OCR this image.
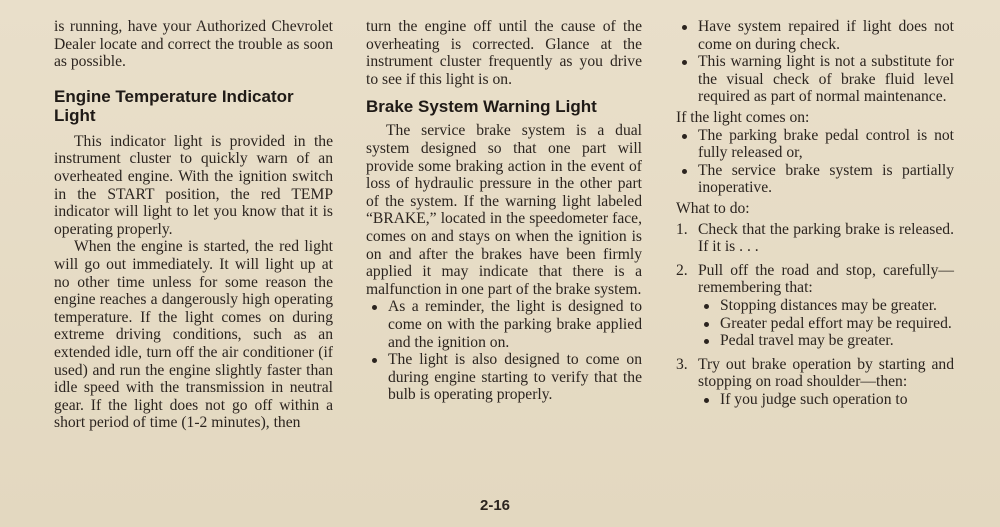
is running, have your Authorized Chevrolet Dealer locate and correct the trouble as soon as possible.

Engine Temperature Indicator Light

This indicator light is provided in the instrument cluster to quickly warn of an overheated engine. With the ignition switch in the START position, the red TEMP indicator will light to let you know that it is operating properly.

When the engine is started, the red light will go out immediately. It will light up at no other time unless for some reason the engine reaches a dangerously high operating temperature. If the light comes on during extreme driving conditions, such as an extended idle, turn off the air conditioner (if used) and run the engine slightly faster than idle speed with the transmission in neutral gear. If the light does not go off within a short period of time (1-2 minutes), then

turn the engine off until the cause of the overheating is corrected. Glance at the instrument cluster frequently as you drive to see if this light is on.

Brake System Warning Light

The service brake system is a dual system designed so that one part will provide some braking action in the event of loss of hydraulic pressure in the other part of the system. If the warning light labeled “BRAKE,” located in the speedometer face, comes on and stays on when the ignition is on and after the brakes have been firmly applied it may indicate that there is a malfunction in one part of the brake system.

As a reminder, the light is designed to come on with the parking brake applied and the ignition on.
The light is also designed to come on during engine starting to verify that the bulb is operating properly.
Have system repaired if light does not come on during check.
This warning light is not a substitute for the visual check of brake fluid level required as part of normal maintenance.

If the light comes on:

The parking brake pedal control is not fully released or,
The service brake system is partially inoperative.

What to do:

1. Check that the parking brake is released. If it is . . .

2. Pull off the road and stop, carefully—remembering that:

Stopping distances may be greater.
Greater pedal effort may be required.
Pedal travel may be greater.
3. Try out brake operation by starting and stopping on road shoulder—then:

If you judge such operation to
2-16
